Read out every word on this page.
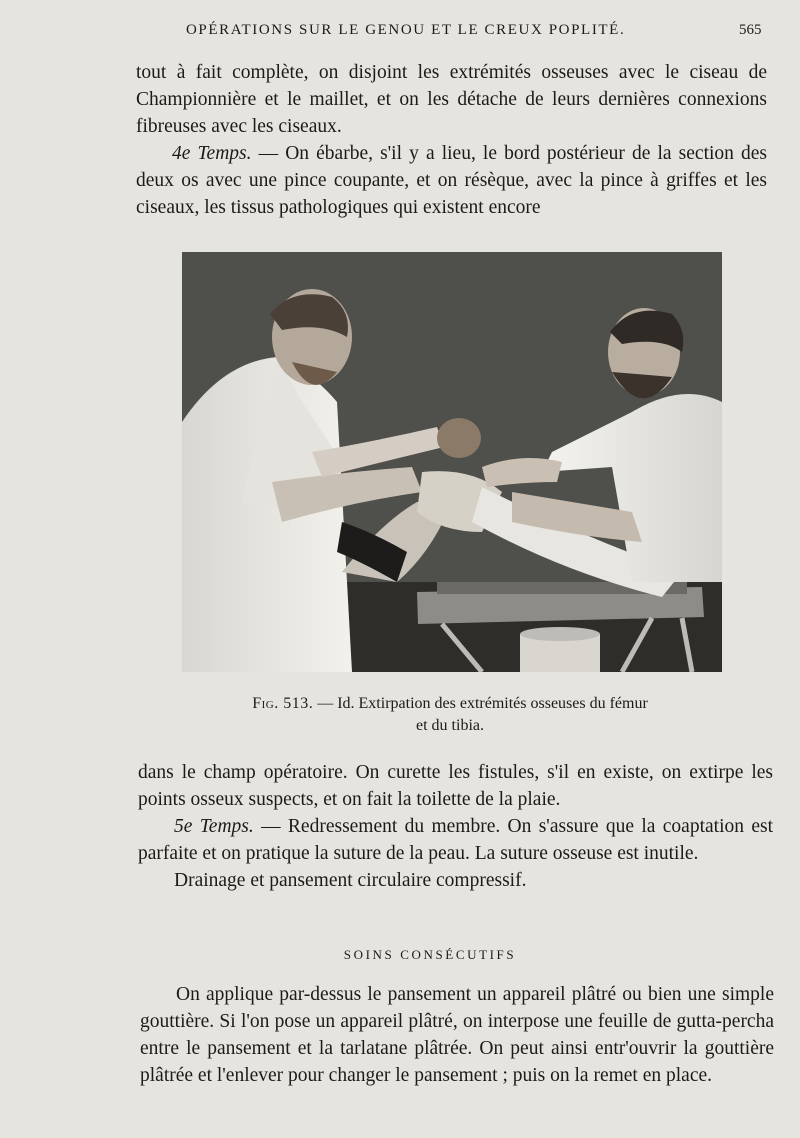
OPÉRATIONS SUR LE GENOU ET LE CREUX POPLITÉ.	565

tout à fait complète, on disjoint les extrémités osseuses avec le ciseau de Championnière et le maillet, et on les détache de leurs dernières connexions fibreuses avec les ciseaux.

4e Temps. — On ébarbe, s'il y a lieu, le bord postérieur de la section des deux os avec une pince coupante, et on résèque, avec la pince à griffes et les ciseaux, les tissus pathologiques qui existent encore

Fig. 513. — Id. Extirpation des extrémités osseuses du fémur
et du tibia.

dans le champ opératoire. On curette les fistules, s'il en existe, on extirpe les points osseux suspects, et on fait la toilette de la plaie.

5e Temps. — Redressement du membre. On s'assure que la coaptation est parfaite et on pratique la suture de la peau. La suture osseuse est inutile.

Drainage et pansement circulaire compressif.

SOINS CONSÉCUTIFS

On applique par-dessus le pansement un appareil plâtré ou bien une simple gouttière. Si l'on pose un appareil plâtré, on interpose une feuille de gutta-percha entre le pansement et la tarlatane plâtrée. On peut ainsi entr'ouvrir la gouttière plâtrée et l'enlever pour changer le pansement ; puis on la remet en place.
